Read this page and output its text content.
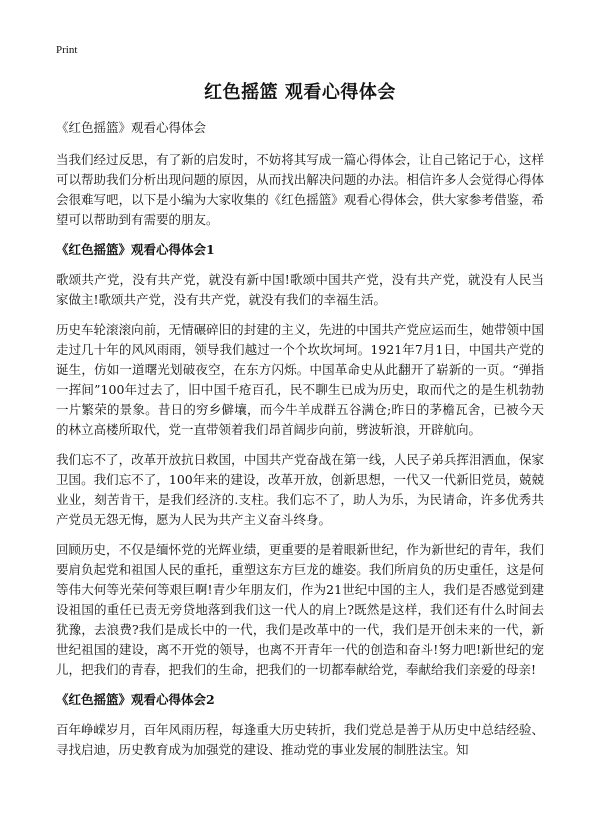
Print
红色摇篮 观看心得体会

《红色摇篮》观看心得体会

当我们经过反思，有了新的启发时，不妨将其写成一篇心得体会，让自己铭记于心，这样可以帮助我们分析出现问题的原因，从而找出解决问题的办法。相信许多人会觉得心得体会很难写吧，以下是小编为大家收集的《红色摇篮》观看心得体会，供大家参考借鉴，希望可以帮助到有需要的朋友。

《红色摇篮》观看心得体会1

歌颂共产党，没有共产党，就没有新中国!歌颂中国共产党，没有共产党，就没有人民当家做主!歌颂共产党，没有共产党，就没有我们的幸福生活。

历史车轮滚滚向前，无情碾碎旧的封建的主义，先进的中国共产党应运而生，她带领中国走过几十年的风风雨雨，领导我们越过一个个坎坎坷坷。1921年7月1日，中国共产党的诞生，仿如一道曙光划破夜空，在东方闪烁。中国革命史从此翻开了崭新的一页。“弹指一挥间”100年过去了，旧中国千疮百孔，民不聊生已成为历史，取而代之的是生机勃勃一片繁荣的景象。昔日的穷乡僻壤，而今牛羊成群五谷满仓;昨日的茅檐瓦舍，已被今天的林立高楼所取代，党一直带领着我们昂首阔步向前，劈波斩浪，开辟航向。

我们忘不了，改革开放抗日救国，中国共产党奋战在第一线，人民子弟兵挥泪洒血，保家卫国。我们忘不了，100年来的建设，改革开放，创新思想，一代又一代新旧党员，兢兢业业，刻苦肯干，是我们经济的.支柱。我们忘不了，助人为乐，为民请命，许多优秀共产党员无怨无悔，愿为人民为共产主义奋斗终身。

回顾历史，不仅是缅怀党的光辉业绩，更重要的是着眼新世纪，作为新世纪的青年，我们要肩负起党和祖国人民的重托，重塑这东方巨龙的雄姿。我们所肩负的历史重任，这是何等伟大何等光荣何等艰巨啊!青少年朋友们，作为21世纪中国的主人，我们是否感觉到建设祖国的重任已责无旁贷地落到我们这一代人的肩上?既然是这样，我们还有什么时间去犹豫，去浪费?我们是成长中的一代，我们是改革中的一代，我们是开创未来的一代，新世纪祖国的建设，离不开党的领导，也离不开青年一代的创造和奋斗!努力吧!新世纪的宠儿，把我们的青春，把我们的生命，把我们的一切都奉献给党，奉献给我们亲爱的母亲!

《红色摇篮》观看心得体会2

百年峥嵘岁月，百年风雨历程，每逢重大历史转折，我们党总是善于从历史中总结经验、寻找启迪，历史教育成为加强党的建设、推动党的事业发展的制胜法宝。知
